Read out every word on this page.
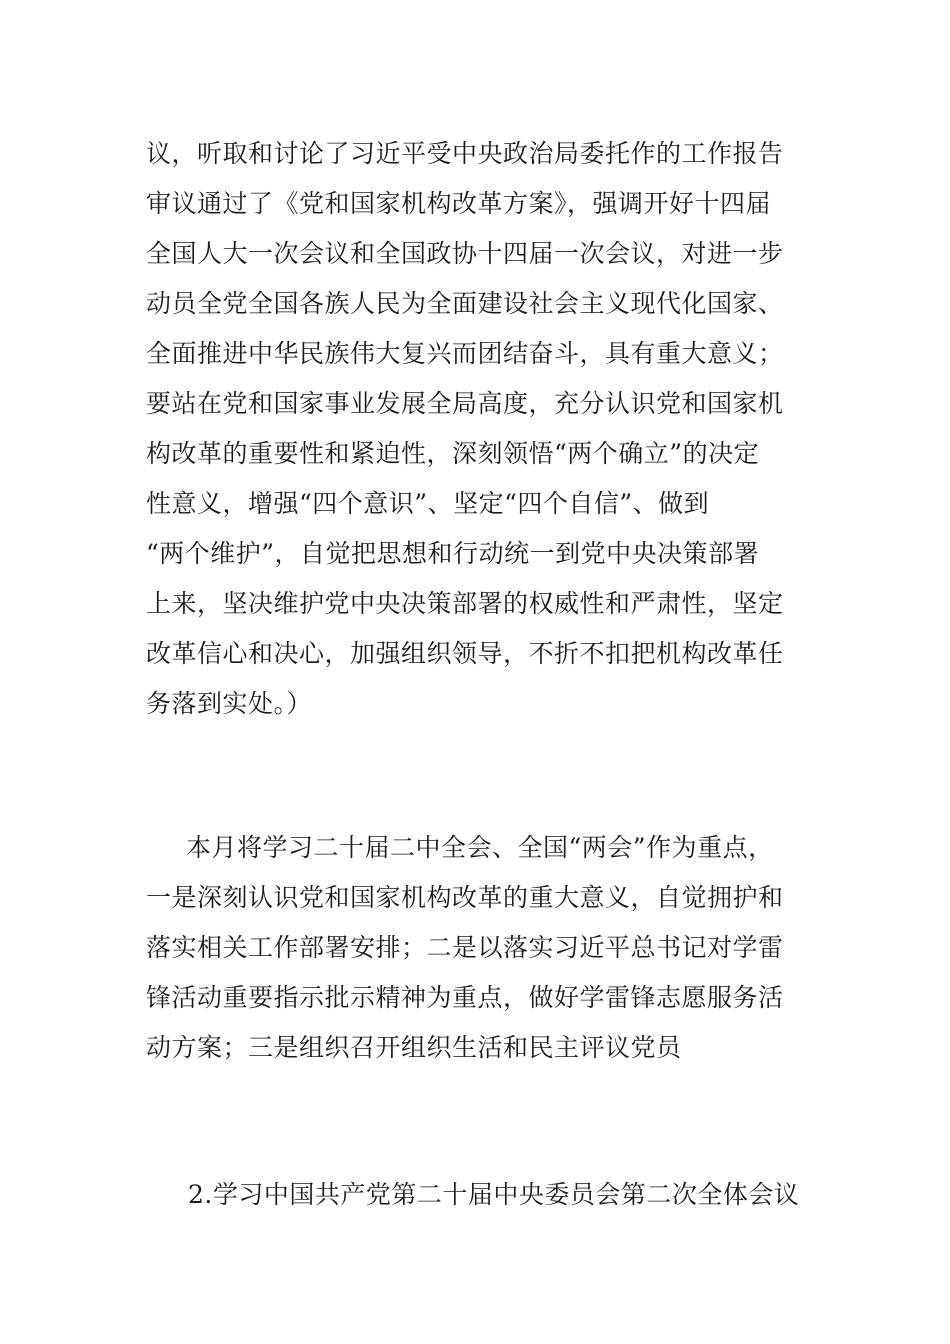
议，听取和讨论了习近平受中央政治局委托作的工作报告
审议通过了《党和国家机构改革方案》，强调开好十四届
全国人大一次会议和全国政协十四届一次会议，对进一步
动员全党全国各族人民为全面建设社会主义现代化国家、
全面推进中华民族伟大复兴而团结奋斗，具有重大意义；
要站在党和国家事业发展全局高度，充分认识党和国家机
构改革的重要性和紧迫性，深刻领悟“两个确立”的决定
性意义，增强“四个意识”、坚定“四个自信”、做到
“两个维护”，自觉把思想和行动统一到党中央决策部署
上来，坚决维护党中央决策部署的权威性和严肃性，坚定
改革信心和决心，加强组织领导，不折不扣把机构改革任
务落到实处。）

本月将学习二十届二中全会、全国“两会”作为重点，
一是深刻认识党和国家机构改革的重大意义，自觉拥护和
落实相关工作部署安排；二是以落实习近平总书记对学雷
锋活动重要指示批示精神为重点，做好学雷锋志愿服务活
动方案；三是组织召开组织生活和民主评议党员

2.学习中国共产党第二十届中央委员会第二次全体会议
